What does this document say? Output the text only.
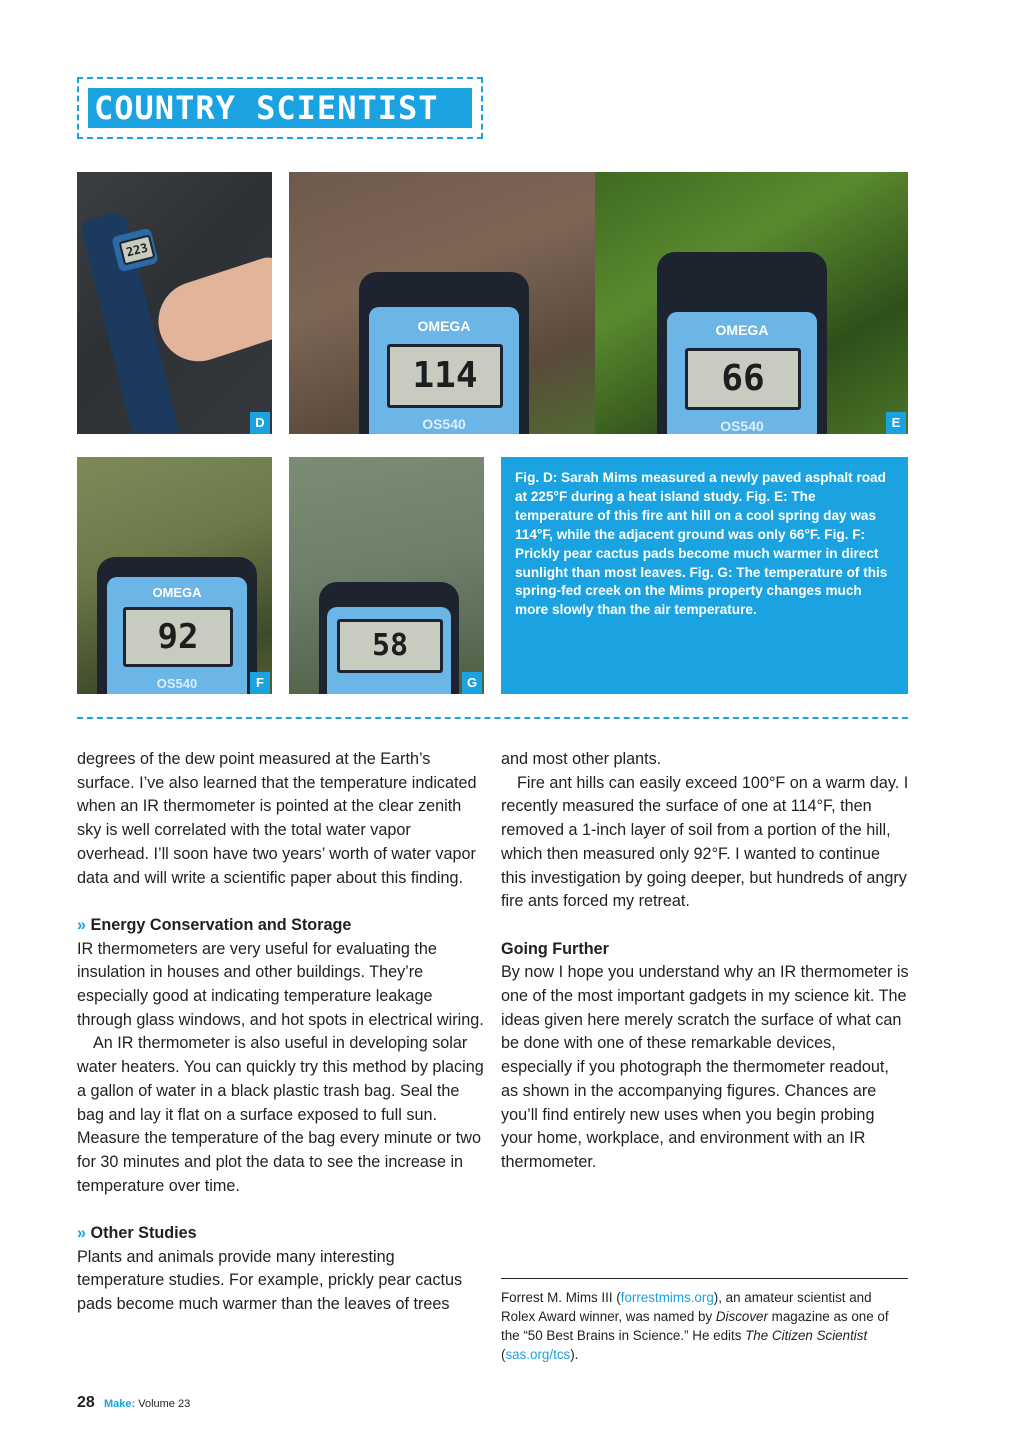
COUNTRY SCIENTIST
223
D
OMEGA
114
OS540
OMEGA
66
OS540	E
OMEGA
92
OS540	F
58
G
Fig. D: Sarah Mims measured a newly paved asphalt road at 225°F during a heat island study. Fig. E: The temperature of this fire ant hill on a cool spring day was 114°F, while the adjacent ground was only 66°F. Fig. F: Prickly pear cactus pads become much warmer in direct sunlight than most leaves. Fig. G: The temperature of this spring-fed creek on the Mims property changes much more slowly than the air temperature.

degrees of the dew point measured at the Earth’s surface. I’ve also learned that the temperature indicated when an IR thermometer is pointed at the clear zenith sky is well correlated with the total water vapor overhead. I’ll soon have two years’ worth of water vapor data and will write a scientific paper about this finding.

» Energy Conservation and Storage

IR thermometers are very useful for evaluating the insulation in houses and other buildings. They’re especially good at indicating temperature leakage through glass windows, and hot spots in electrical wiring.

An IR thermometer is also useful in developing solar water heaters. You can quickly try this method by placing a gallon of water in a black plastic trash bag. Seal the bag and lay it flat on a surface exposed to full sun. Measure the temperature of the bag every minute or two for 30 minutes and plot the data to see the increase in temperature over time.

» Other Studies

Plants and animals provide many interesting temperature studies. For example, prickly pear cactus pads become much warmer than the leaves of trees

and most other plants.

Fire ant hills can easily exceed 100°F on a warm day. I recently measured the surface of one at 114°F, then removed a 1-inch layer of soil from a portion of the hill, which then measured only 92°F. I wanted to continue this investigation by going deeper, but hundreds of angry fire ants forced my retreat.

Going Further

By now I hope you understand why an IR thermometer is one of the most important gadgets in my science kit. The ideas given here merely scratch the surface of what can be done with one of these remarkable devices, especially if you photograph the thermometer readout, as shown in the accompanying figures. Chances are you’ll find entirely new uses when you begin probing your home, workplace, and environment with an IR thermometer.

Forrest M. Mims III (forrestmims.org), an amateur scientist and Rolex Award winner, was named by Discover magazine as one of the “50 Best Brains in Science.” He edits The Citizen Scientist (sas.org/tcs).
28 Make: Volume 23
